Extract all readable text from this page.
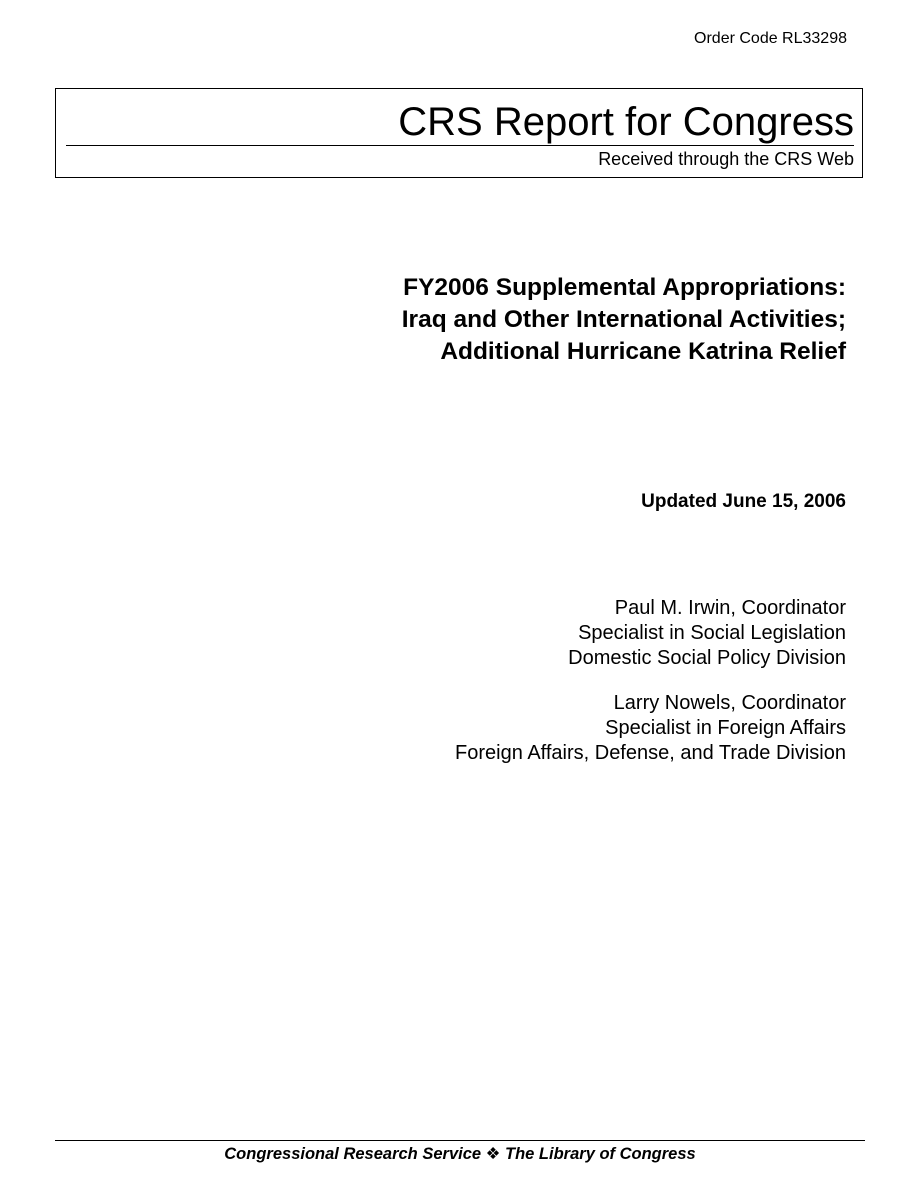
Order Code RL33298
CRS Report for Congress
Received through the CRS Web
FY2006 Supplemental Appropriations:
Iraq and Other International Activities;
Additional Hurricane Katrina Relief
Updated June 15, 2006
Paul M. Irwin, Coordinator
Specialist in Social Legislation
Domestic Social Policy Division
Larry Nowels, Coordinator
Specialist in Foreign Affairs
Foreign Affairs, Defense, and Trade Division
Congressional Research Service ❖ The Library of Congress
